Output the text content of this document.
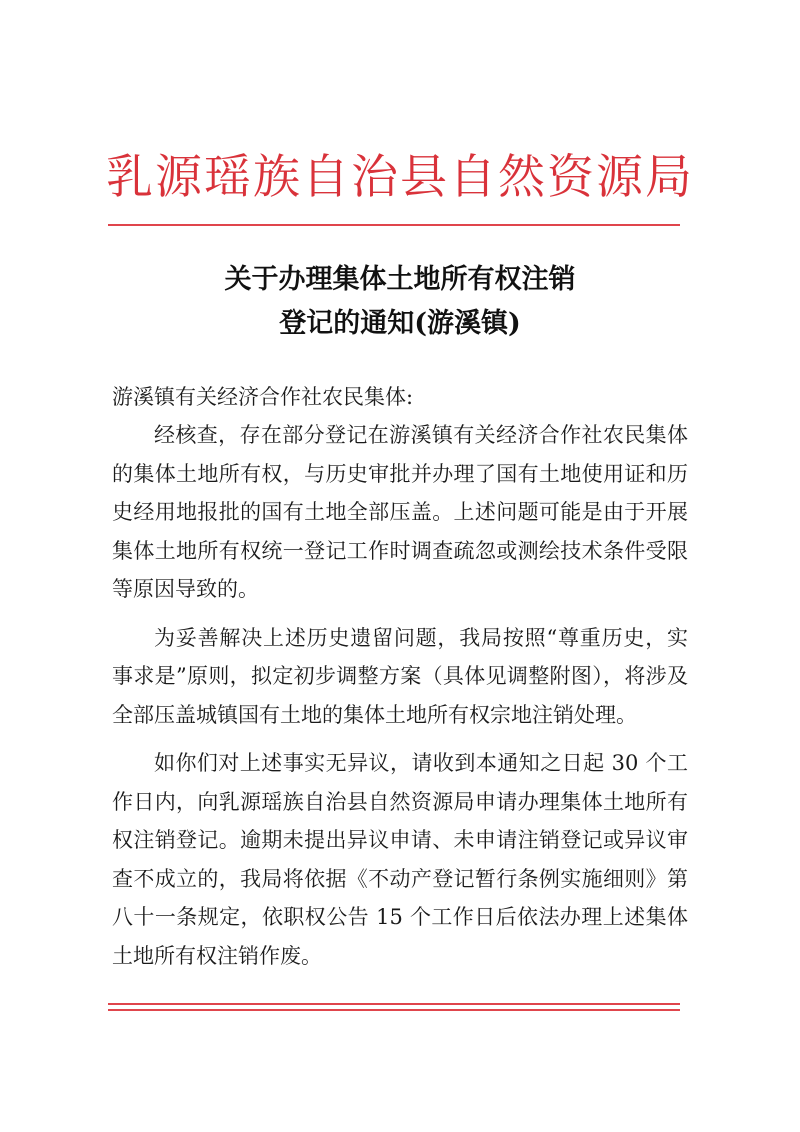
乳源瑶族自治县自然资源局
关于办理集体土地所有权注销
登记的通知(游溪镇)
游溪镇有关经济合作社农民集体:

经核查，存在部分登记在游溪镇有关经济合作社农民集体的集体土地所有权，与历史审批并办理了国有土地使用证和历史经用地报批的国有土地全部压盖。上述问题可能是由于开展集体土地所有权统一登记工作时调查疏忽或测绘技术条件受限等原因导致的。

为妥善解决上述历史遗留问题，我局按照“尊重历史，实事求是”原则，拟定初步调整方案（具体见调整附图），将涉及全部压盖城镇国有土地的集体土地所有权宗地注销处理。

如你们对上述事实无异议，请收到本通知之日起 30 个工作日内，向乳源瑶族自治县自然资源局申请办理集体土地所有权注销登记。逾期未提出异议申请、未申请注销登记或异议审查不成立的，我局将依据《不动产登记暂行条例实施细则》第八十一条规定，依职权公告 15 个工作日后依法办理上述集体土地所有权注销作废。
